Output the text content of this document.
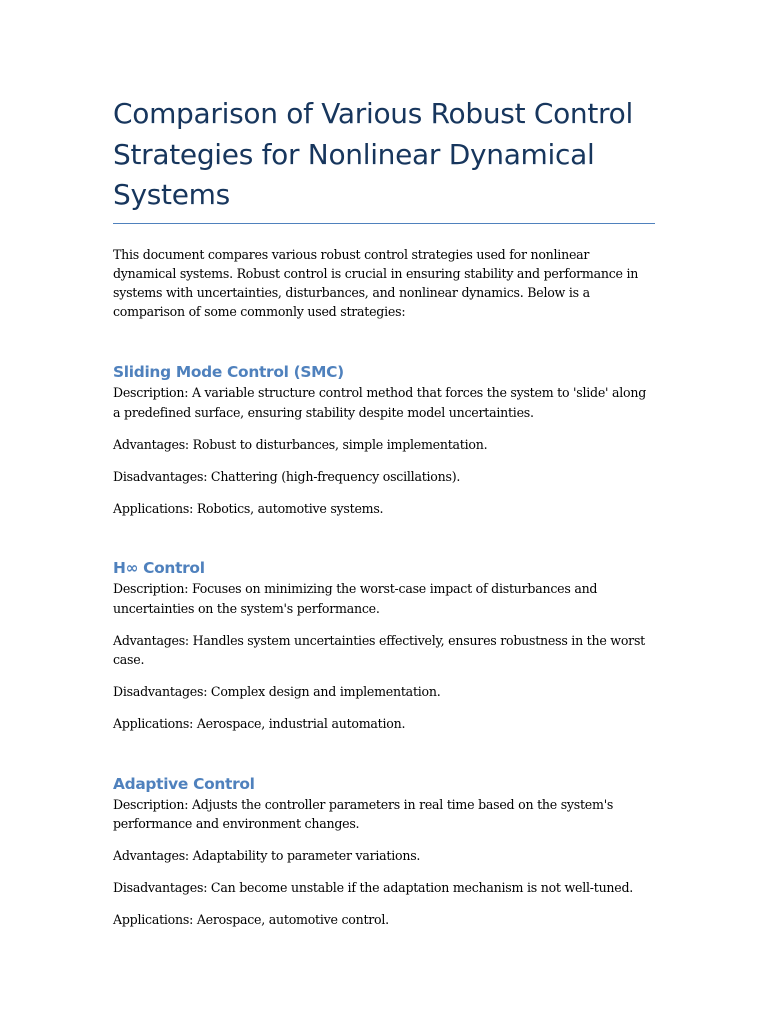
Comparison of Various Robust Control Strategies for Nonlinear Dynamical Systems

This document compares various robust control strategies used for nonlinear dynamical systems. Robust control is crucial in ensuring stability and performance in systems with uncertainties, disturbances, and nonlinear dynamics. Below is a comparison of some commonly used strategies:

Sliding Mode Control (SMC)

Description: A variable structure control method that forces the system to 'slide' along a predefined surface, ensuring stability despite model uncertainties.

Advantages: Robust to disturbances, simple implementation.

Disadvantages: Chattering (high-frequency oscillations).

Applications: Robotics, automotive systems.

H∞ Control

Description: Focuses on minimizing the worst-case impact of disturbances and uncertainties on the system's performance.

Advantages: Handles system uncertainties effectively, ensures robustness in the worst case.

Disadvantages: Complex design and implementation.

Applications: Aerospace, industrial automation.

Adaptive Control

Description: Adjusts the controller parameters in real time based on the system's performance and environment changes.

Advantages: Adaptability to parameter variations.

Disadvantages: Can become unstable if the adaptation mechanism is not well-tuned.

Applications: Aerospace, automotive control.
